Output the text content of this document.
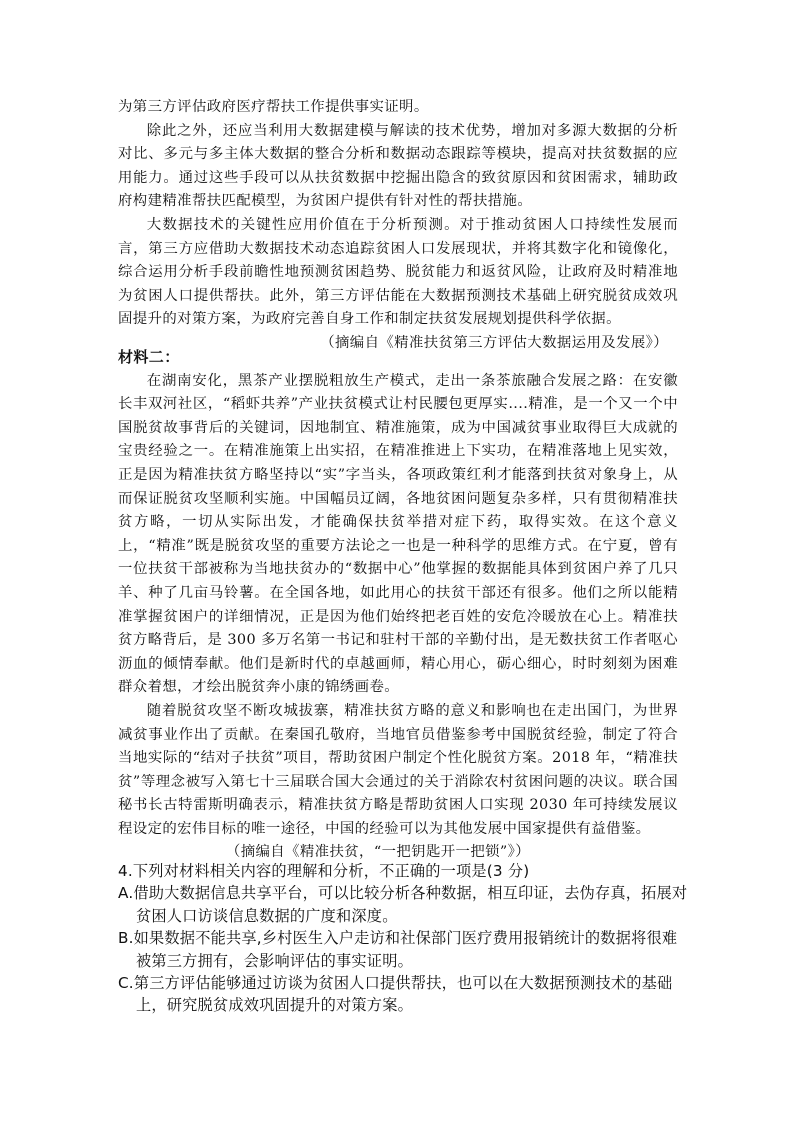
为第三方评估政府医疗帮扶工作提供事实证明。

除此之外，还应当利用大数据建模与解读的技术优势，增加对多源大数据的分析对比、多元与多主体大数据的整合分析和数据动态跟踪等模块，提高对扶贫数据的应用能力。通过这些手段可以从扶贫数据中挖掘出隐含的致贫原因和贫困需求，辅助政府构建精准帮扶匹配模型，为贫困户提供有针对性的帮扶措施。

大数据技术的关键性应用价值在于分析预测。对于推动贫困人口持续性发展而言，第三方应借助大数据技术动态追踪贫困人口发展现状，并将其数字化和镜像化，综合运用分析手段前瞻性地预测贫困趋势、脱贫能力和返贫风险，让政府及时精准地为贫困人口提供帮扶。此外，第三方评估能在大数据预测技术基础上研究脱贫成效巩固提升的对策方案，为政府完善自身工作和制定扶贫发展规划提供科学依据。

（摘编自《精准扶贫第三方评估大数据运用及发展》）

材料二：

在湖南安化，黑茶产业摆脱粗放生产模式，走出一条茶旅融合发展之路：在安徽长丰双河社区，“稻虾共养”产业扶贫模式让村民腰包更厚实....精准，是一个又一个中国脱贫故事背后的关键词，因地制宜、精准施策，成为中国减贫事业取得巨大成就的宝贵经验之一。在精准施策上出实招，在精准推进上下实功，在精准落地上见实效，正是因为精准扶贫方略坚持以“实”字当头，各项政策红利才能落到扶贫对象身上，从而保证脱贫攻坚顺利实施。中国幅员辽阔，各地贫困问题复杂多样，只有贯彻精准扶贫方略，一切从实际出发，才能确保扶贫举措对症下药，取得实效。在这个意义上，“精准”既是脱贫攻坚的重要方法论之一也是一种科学的思维方式。在宁夏，曾有一位扶贫干部被称为当地扶贫办的“数据中心”他掌握的数据能具体到贫困户养了几只羊、种了几亩马铃薯。在全国各地，如此用心的扶贫干部还有很多。他们之所以能精准掌握贫困户的详细情况，正是因为他们始终把老百姓的安危冷暖放在心上。精准扶贫方略背后，是 300 多万名第一书记和驻村干部的辛勤付出，是无数扶贫工作者呕心沥血的倾情奉献。他们是新时代的卓越画师，精心用心，砺心细心，时时刻刻为困难群众着想，才绘出脱贫奔小康的锦绣画卷。

随着脱贫攻坚不断攻城拔寨，精准扶贫方略的意义和影响也在走出国门，为世界减贫事业作出了贡献。在秦国孔敬府，当地官员借鉴参考中国脱贫经验，制定了符合当地实际的“结对子扶贫”项目，帮助贫困户制定个性化脱贫方案。2018 年，“精准扶贫”等理念被写入第七十三届联合国大会通过的关于消除农村贫困问题的决议。联合国秘书长古特雷斯明确表示，精准扶贫方略是帮助贫困人口实现 2030 年可持续发展议程设定的宏伟目标的唯一途径，中国的经验可以为其他发展中国家提供有益借鉴。

（摘编自《精准扶贫，“一把钥匙开一把锁”》）

4.下列对材料相关内容的理解和分析，不正确的一项是(3 分)

A.借助大数据信息共享平台，可以比较分析各种数据，相互印证，去伪存真，拓展对贫困人口访谈信息数据的广度和深度。

B.如果数据不能共享,乡村医生入户走访和社保部门医疗费用报销统计的数据将很难被第三方拥有，会影响评估的事实证明。

C.第三方评估能够通过访谈为贫困人口提供帮扶，也可以在大数据预测技术的基础上，研究脱贫成效巩固提升的对策方案。
